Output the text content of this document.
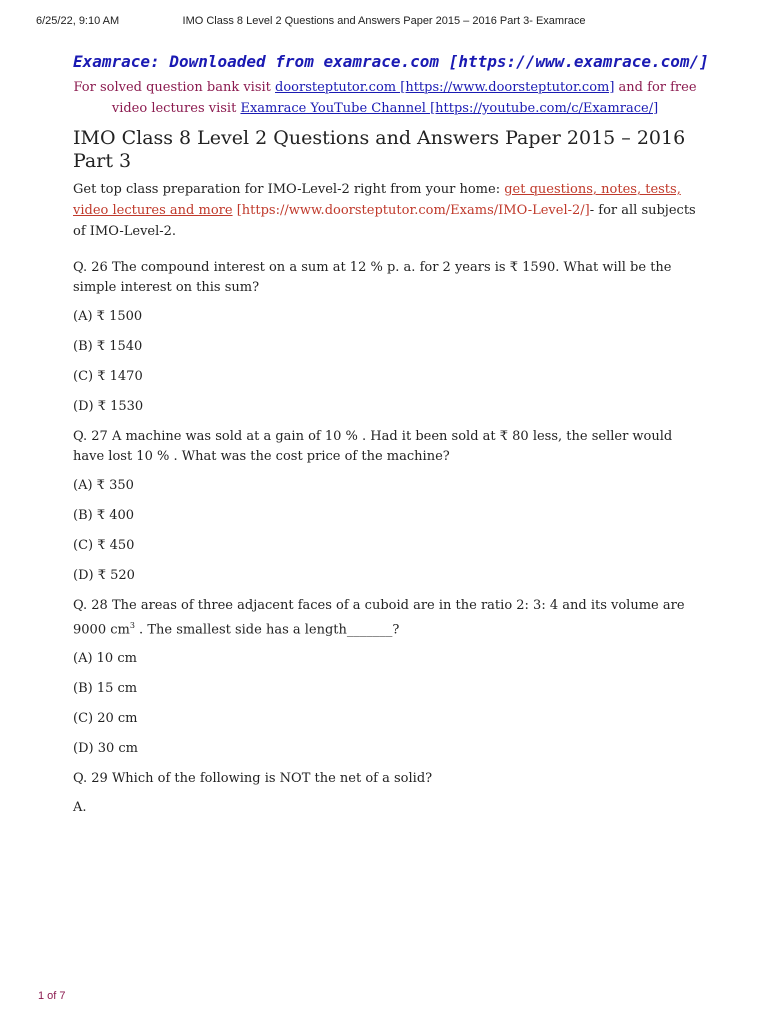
6/25/22, 9:10 AM	IMO Class 8 Level 2 Questions and Answers Paper 2015 – 2016 Part 3- Examrace

Examrace: Downloaded from examrace.com [https://www.examrace.com/]

For solved question bank visit doorsteptutor.com [https://www.doorsteptutor.com] and for free video lectures visit Examrace YouTube Channel [https://youtube.com/c/Examrace/]

IMO Class 8 Level 2 Questions and Answers Paper 2015 – 2016 Part 3

Get top class preparation for IMO-Level-2 right from your home: get questions, notes, tests, video lectures and more [https://www.doorsteptutor.com/Exams/IMO-Level-2/]- for all subjects of IMO-Level-2.

Q. 26 The compound interest on a sum at 12 % p. a. for 2 years is ₹ 1590. What will be the simple interest on this sum?

(A) ₹ 1500

(B) ₹ 1540

(C) ₹ 1470

(D) ₹ 1530

Q. 27 A machine was sold at a gain of 10 % . Had it been sold at ₹ 80 less, the seller would have lost 10 % . What was the cost price of the machine?

(A) ₹ 350

(B) ₹ 400

(C) ₹ 450

(D) ₹ 520

Q. 28 The areas of three adjacent faces of a cuboid are in the ratio 2: 3: 4 and its volume are 9000 $cm^3$ . The smallest side has a length_______?

(A) 10 cm

(B) 15 cm

(C) 20 cm

(D) 30 cm

Q. 29 Which of the following is NOT the net of a solid?

A.

1 of 7
